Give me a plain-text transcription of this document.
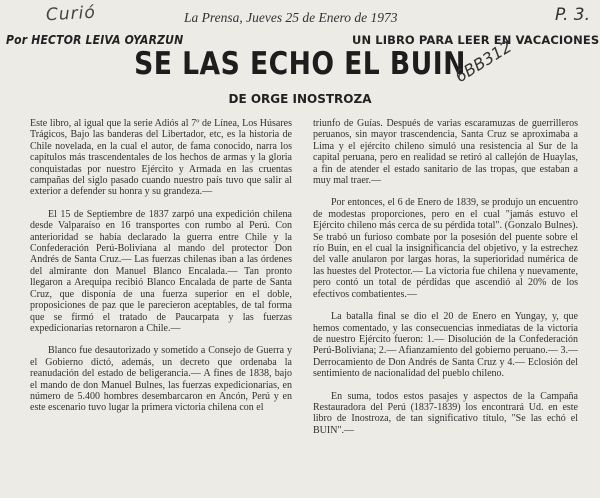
Curió	La Prensa, Jueves 25 de Enero de 1973	P. 3.
Por HECTOR LEIVA OYARZUN	UN LIBRO PARA LEER EN VACACIONES
SE LAS ECHO EL BUIN
DE ORGE INOSTROZA
6BB312

Este libro, al igual que la serie Adiós al 7º de Línea, Los Húsares Trágicos, Bajo las banderas del Libertador, etc, es la historia de Chile novelada, en la cual el autor, de fama conocido, narra los capítulos más trascendentales de los hechos de armas y la gloria conquistadas por nuestro Ejército y Armada en las cruentas campañas del siglo pasado cuando nuestro país tuvo que salir al exterior a defender su honra y su grandeza.—

El 15 de Septiembre de 1837 zarpó una expedición chilena desde Valparaíso en 16 transportes con rumbo al Perú. Con anterioridad se había declarado la guerra entre Chile y la Confederación Perú-Boliviana al mando del protector Don Andrés de Santa Cruz.— Las fuerzas chilenas iban a las órdenes del almirante don Manuel Blanco Encalada.— Tan pronto llegaron a Arequipa recibió Blanco Encalada de parte de Santa Cruz, que disponía de una fuerza superior en el doble, proposiciones de paz que le parecieron aceptables, de tal forma que se firmó el tratado de Paucarpata y las fuerzas expedicionarias retornaron a Chile.—

Blanco fue desautorizado y sometido a Consejo de Guerra y el Gobierno dictó, además, un decreto que ordenaba la reanudación del estado de beligerancia.— A fines de 1838, bajo el mando de don Manuel Bulnes, las fuerzas expedicionarias, en número de 5.400 hombres desembarcaron en Ancón, Perú y en este escenario tuvo lugar la primera victoria chilena con el

triunfo de Guías. Después de varias escaramuzas de guerrilleros peruanos, sin mayor trascendencia, Santa Cruz se aproximaba a Lima y el ejército chileno simuló una resistencia al Sur de la capital peruana, pero en realidad se retiró al callejón de Huaylas, a fin de atender el estado sanitario de las tropas, que estaban a muy mal traer.—

Por entonces, el 6 de Enero de 1839, se produjo un encuentro de modestas proporciones, pero en el cual "jamás estuvo el Ejército chileno más cerca de su pérdida total". (Gonzalo Bulnes). Se trabó un furioso combate por la posesión del puente sobre el río Buin, en el cual la insignificancia del objetivo, y la estrechez del valle anularon por largas horas, la superioridad numérica de las huestes del Protector.— La victoria fue chilena y nuevamente, pero contó un total de pérdidas que ascendió al 20% de los efectivos combatientes.—

La batalla final se dio el 20 de Enero en Yungay, y, que hemos comentado, y las consecuencias inmediatas de la victoria de nuestro Ejército fueron: 1.— Disolución de la Confederación Perú-Boliviana; 2.— Afianzamiento del gobierno peruano.— 3.— Derrocamiento de Don Andrés de Santa Cruz y 4.— Eclosión del sentimiento de nacionalidad del pueblo chileno.

En suma, todos estos pasajes y aspectos de la Campaña Restauradora del Perú (1837-1839) los encontrará Ud. en este libro de Inostroza, de tan significativo título, "Se las echó el BUIN".—
